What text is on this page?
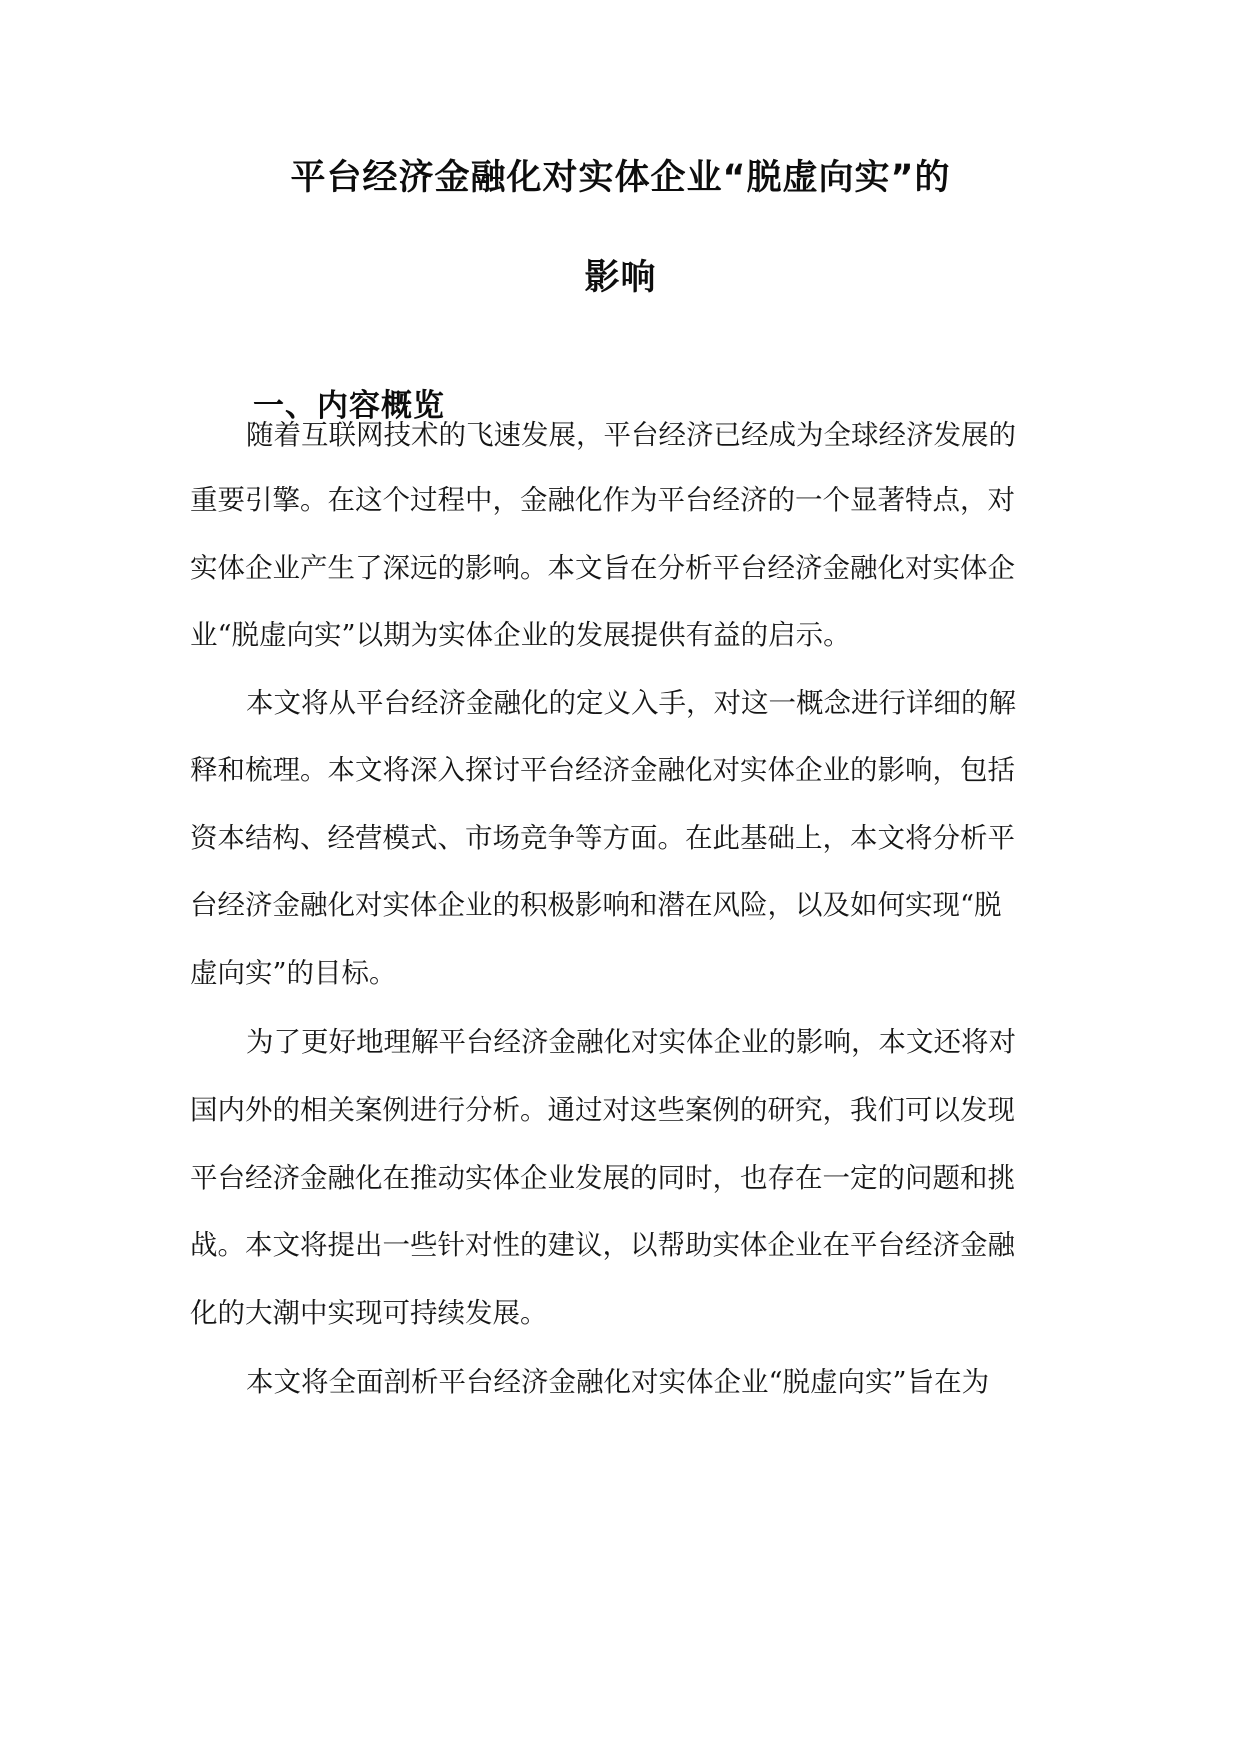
平台经济金融化对实体企业“脱虚向实”的
影响
一、内容概览

随着互联网技术的飞速发展，平台经济已经成为全球经济发展的

重要引擎。在这个过程中，金融化作为平台经济的一个显著特点，对

实体企业产生了深远的影响。本文旨在分析平台经济金融化对实体企

业“脱虚向实”以期为实体企业的发展提供有益的启示。

本文将从平台经济金融化的定义入手，对这一概念进行详细的解

释和梳理。本文将深入探讨平台经济金融化对实体企业的影响，包括

资本结构、经营模式、市场竞争等方面。在此基础上，本文将分析平

台经济金融化对实体企业的积极影响和潜在风险，以及如何实现“脱

虚向实”的目标。

为了更好地理解平台经济金融化对实体企业的影响，本文还将对

国内外的相关案例进行分析。通过对这些案例的研究，我们可以发现

平台经济金融化在推动实体企业发展的同时，也存在一定的问题和挑

战。本文将提出一些针对性的建议，以帮助实体企业在平台经济金融

化的大潮中实现可持续发展。

本文将全面剖析平台经济金融化对实体企业“脱虚向实”旨在为
